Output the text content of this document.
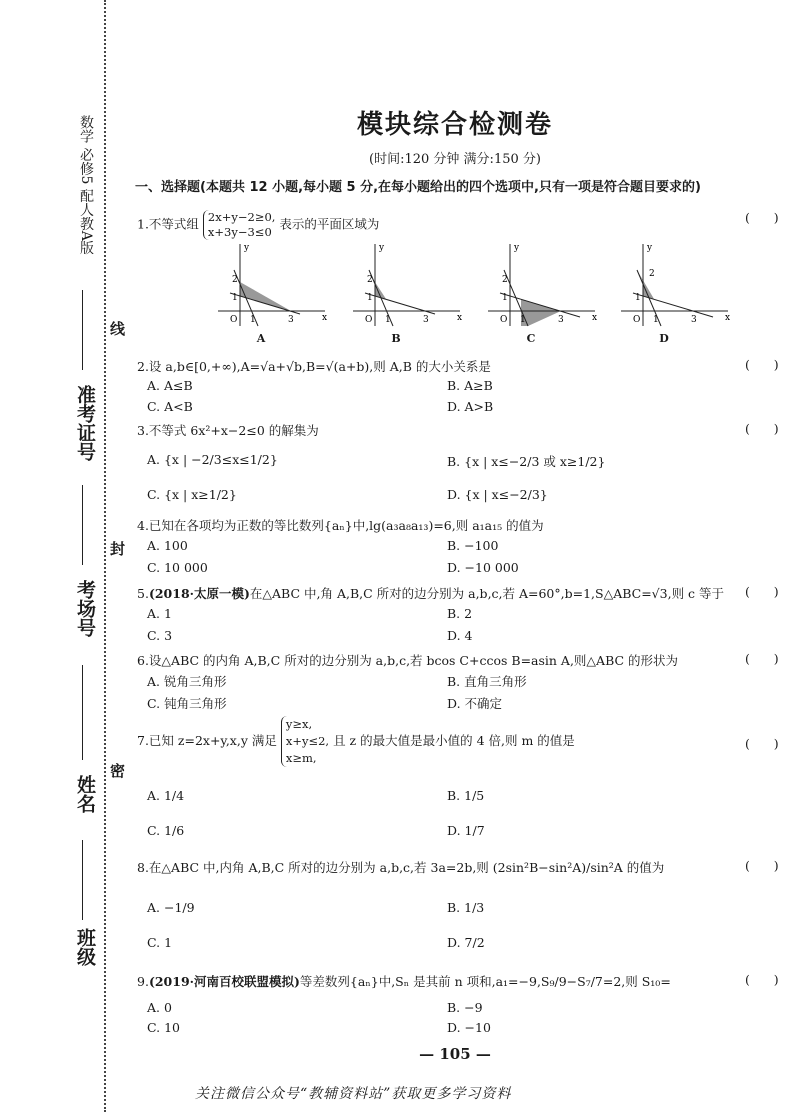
数学 必修5 配人教A版
准考证号
考场号
姓名
班级
线
封
密
模块综合检测卷
(时间:120 分钟 满分:150 分)
一、选择题(本题共 12 小题,每小题 5 分,在每小题给出的四个选项中,只有一项是符合题目要求的)
1.不等式组 2x+y−2≥0,
x+3y−3≤0 表示的平面区域为	(      )
y
x
2
1
O 1	3
A
y
x
2
1
O 1	3
B
y
x
2
1
O 1	3
C
y
x
2
1
O 1	3
D
2.设 a,b∈[0,+∞),A=√a+√b,B=√(a+b),则 A,B 的大小关系是	(      )
A. A≤B	B. A≥B
C. A<B	D. A>B
3.不等式 6x²+x−2≤0 的解集为	(      )
A. {x | −2/3≤x≤1/2}	B. {x | x≤−2/3 或 x≥1/2}
C. {x | x≥1/2}	D. {x | x≤−2/3}
4.已知在各项均为正数的等比数列{aₙ}中,lg(a₃a₈a₁₃)=6,则 a₁a₁₅ 的值为
A. 100	B. −100
C. 10 000	D. −10 000
5.(2018·太原一模)在△ABC 中,角 A,B,C 所对的边分别为 a,b,c,若 A=60°,b=1,S△ABC=√3,则 c 等于 (      )
A. 1	B. 2
C. 3	D. 4
6.设△ABC 的内角 A,B,C 所对的边分别为 a,b,c,若 bcos C+ccos B=asin A,则△ABC 的形状为	(      )
A. 锐角三角形	B. 直角三角形
C. 钝角三角形	D. 不确定
7.已知 z=2x+y,x,y 满足 y≥x,
x+y≤2,
x≥m, 且 z 的最大值是最小值的 4 倍,则 m 的值是	(      )
A. 1/4	B. 1/5
C. 1/6	D. 1/7
8.在△ABC 中,内角 A,B,C 所对的边分别为 a,b,c,若 3a=2b,则 (2sin²B−sin²A)/sin²A 的值为	(      )
A. −1/9	B. 1/3
C. 1	D. 7/2
9.(2019·河南百校联盟模拟)等差数列{aₙ}中,Sₙ 是其前 n 项和,a₁=−9,S₉/9−S₇/7=2,则 S₁₀=	(      )
A. 0	B. −9
C. 10	D. −10
— 105 —
关注微信公众号“教辅资料站”获取更多学习资料
